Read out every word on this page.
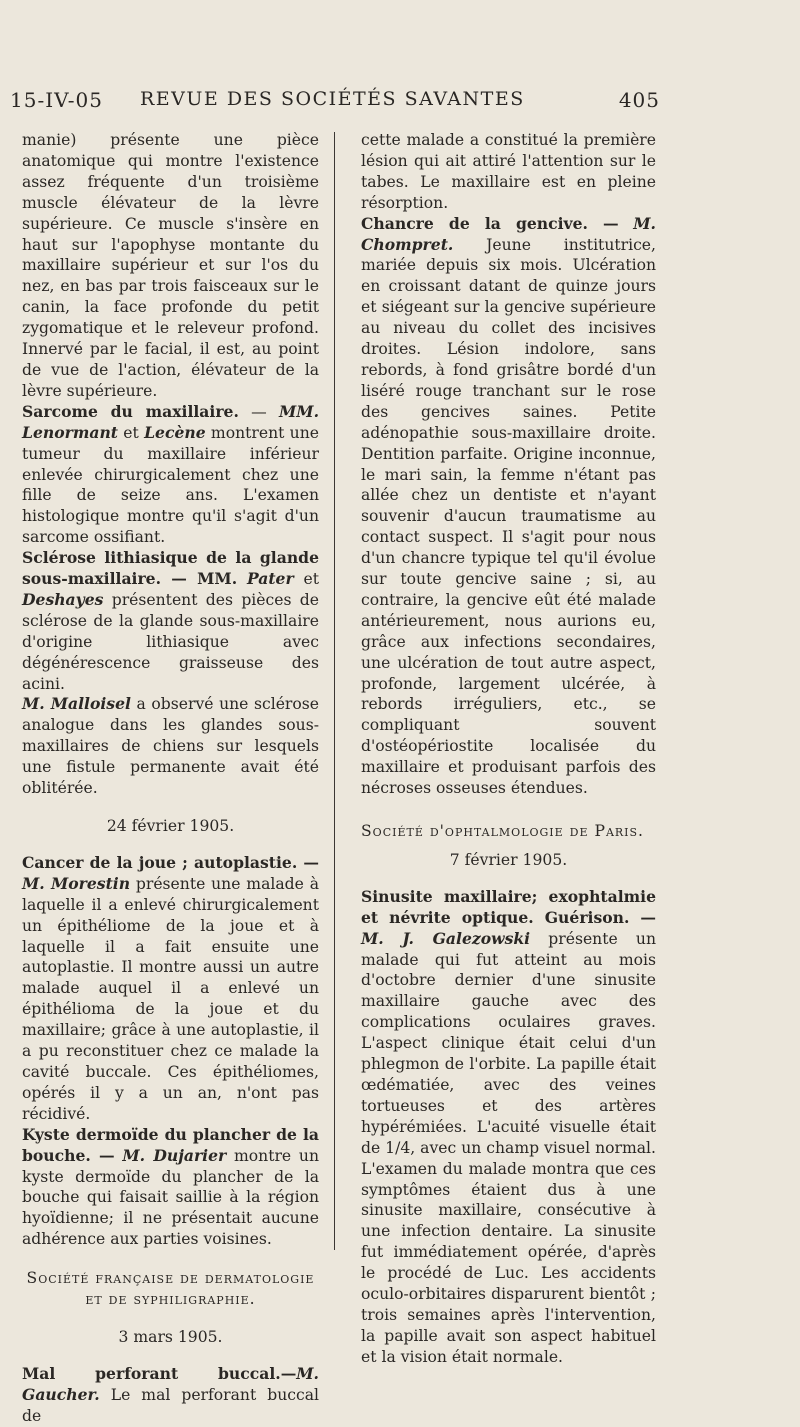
15-IV-05 REVUE DES SOCIÉTÉS SAVANTES	405

manie) présente une pièce anatomique qui montre l'existence assez fréquente d'un troisième muscle élévateur de la lèvre supérieure. Ce muscle s'insère en haut sur l'apophyse montante du maxillaire supérieur et sur l'os du nez, en bas par trois faisceaux sur le canin, la face profonde du petit zygomatique et le releveur profond. Innervé par le facial, il est, au point de vue de l'action, élévateur de la lèvre supérieure.

Sarcome du maxillaire. — MM. Lenormant et Lecène montrent une tumeur du maxillaire inférieur enlevée chirurgicalement chez une fille de seize ans. L'examen histologique montre qu'il s'agit d'un sarcome ossifiant.

Sclérose lithiasique de la glande sous-maxillaire. — MM. Pater et Deshayes présentent des pièces de sclérose de la glande sous-maxillaire d'origine lithiasique avec dégénérescence graisseuse des acini.

M. Malloisel a observé une sclérose analogue dans les glandes sous-maxillaires de chiens sur lesquels une fistule permanente avait été oblitérée.

24 février 1905.

Cancer de la joue ; autoplastie. — M. Morestin présente une malade à laquelle il a enlevé chirurgicalement un épithéliome de la joue et à laquelle il a fait ensuite une autoplastie. Il montre aussi un autre malade auquel il a enlevé un épithélioma de la joue et du maxillaire; grâce à une autoplastie, il a pu reconstituer chez ce malade la cavité buccale. Ces épithéliomes, opérés il y a un an, n'ont pas récidivé.

Kyste dermoïde du plancher de la bouche. — M. Dujarier montre un kyste dermoïde du plancher de la bouche qui faisait saillie à la région hyoïdienne; il ne présentait aucune adhérence aux parties voisines.

Société française de dermatologie

et de syphiligraphie.

3 mars 1905.

Mal perforant buccal.—M. Gaucher. Le mal perforant buccal de

cette malade a constitué la première lésion qui ait attiré l'attention sur le tabes. Le maxillaire est en pleine résorption.

Chancre de la gencive. — M. Chompret. Jeune institutrice, mariée depuis six mois. Ulcération en croissant datant de quinze jours et siégeant sur la gencive supérieure au niveau du collet des incisives droites. Lésion indolore, sans rebords, à fond grisâtre bordé d'un liséré rouge tranchant sur le rose des gencives saines. Petite adénopathie sous-maxillaire droite. Dentition parfaite. Origine inconnue, le mari sain, la femme n'étant pas allée chez un dentiste et n'ayant souvenir d'aucun traumatisme au contact suspect. Il s'agit pour nous d'un chancre typique tel qu'il évolue sur toute gencive saine ; si, au contraire, la gencive eût été malade antérieurement, nous aurions eu, grâce aux infections secondaires, une ulcération de tout autre aspect, profonde, largement ulcérée, à rebords irréguliers, etc., se compliquant souvent d'ostéopériostite localisée du maxillaire et produisant parfois des nécroses osseuses étendues.

Société d'ophtalmologie de Paris.

7 février 1905.

Sinusite maxillaire; exophtalmie et névrite optique. Guérison. — M. J. Galezowski présente un malade qui fut atteint au mois d'octobre dernier d'une sinusite maxillaire gauche avec des complications oculaires graves. L'aspect clinique était celui d'un phlegmon de l'orbite. La papille était œdématiée, avec des veines tortueuses et des artères hypérémiées. L'acuité visuelle était de 1/4, avec un champ visuel normal. L'examen du malade montra que ces symptômes étaient dus à une sinusite maxillaire, consécutive à une infection dentaire. La sinusite fut immédiatement opérée, d'après le procédé de Luc. Les accidents oculo-orbitaires disparurent bientôt ; trois semaines après l'intervention, la papille avait son aspect habituel et la vision était normale.
